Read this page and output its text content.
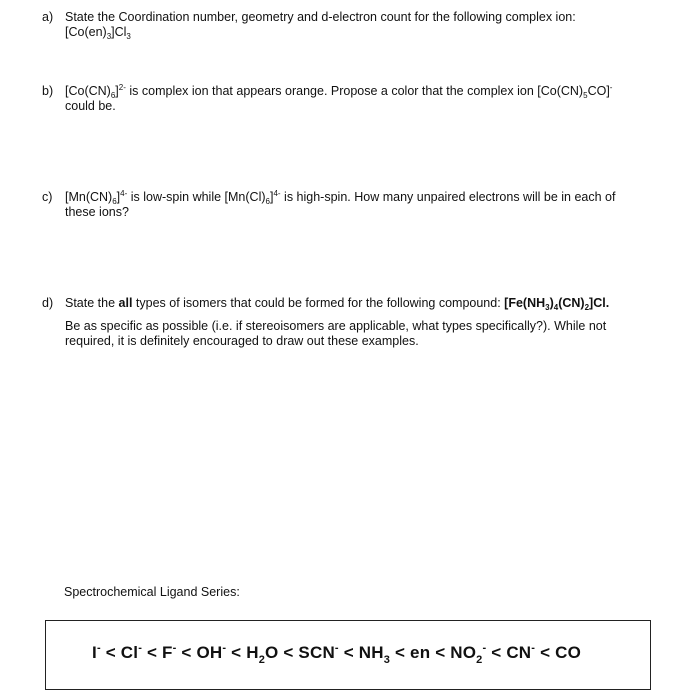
a) State the Coordination number, geometry and d-electron count for the following complex ion:

$[Co(en)_3]Cl_3$

b) $[Co(CN)_6]^{2-}$ is complex ion that appears orange. Propose a color that the complex ion $[Co(CN)_5CO]^-$

could be.

c) $[Mn(CN)_6]^{4-}$ is low-spin while $[Mn(Cl)_6]^{4-}$ is high-spin. How many unpaired electrons will be in each of these ions?

d) State the all types of isomers that could be formed for the following compound: $[Fe(NH_3)_4(CN)_2]Cl$.

Be as specific as possible (i.e. if stereoisomers are applicable, what types specifically?). While not required, it is definitely encouraged to draw out these examples.

Spectrochemical Ligand Series:
$I^- < Cl^- < F^- < OH^- < H_2O < SCN^- < NH_3$ < en < $NO_2^- < CN^-$ < CO
